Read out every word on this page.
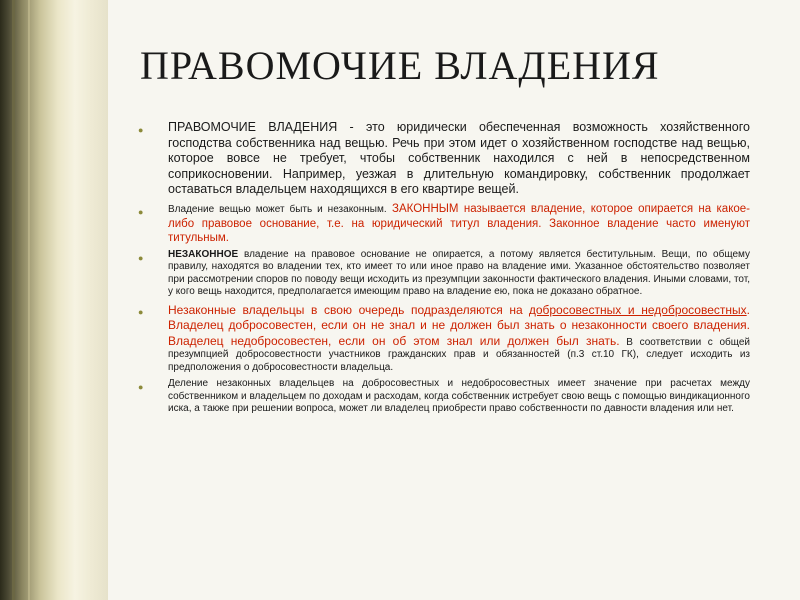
ПРАВОМОЧИЕ ВЛАДЕНИЯ
● ПРАВОМОЧИЕ ВЛАДЕНИЯ - это юридически обеспеченная возможность хозяйственного господства собственника над вещью. Речь при этом идет о хозяйственном господстве над вещью, которое вовсе не требует, чтобы собственник находился с ней в непосредственном соприкосновении. Например, уезжая в длительную командировку, собственник продолжает оставаться владельцем находящихся в его квартире вещей.
● Владение вещью может быть и незаконным. ЗАКОННЫМ называется владение, которое опирается на какое-либо правовое основание, т.е. на юридический титул владения. Законное владение часто именуют титульным.
● НЕЗАКОННОЕ владение на правовое основание не опирается, а потому является беститульным. Вещи, по общему правилу, находятся во владении тех, кто имеет то или иное право на владение ими. Указанное обстоятельство позволяет при рассмотрении споров по поводу вещи исходить из презумпции законности фактического владения. Иными словами, тот, у кого вещь находится, предполагается имеющим право на владение ею, пока не доказано обратное.
● Незаконные владельцы в свою очередь подразделяются на добросовестных и недобросовестных. Владелец добросовестен, если он не знал и не должен был знать о незаконности своего владения. Владелец недобросовестен, если он об этом знал или должен был знать. В соответствии с общей презумпцией добросовестности участников гражданских прав и обязанностей (п.3 ст.10 ГК), следует исходить из предположения о добросовестности владельца.
● Деление незаконных владельцев на добросовестных и недобросовестных имеет значение при расчетах между собственником и владельцем по доходам и расходам, когда собственник истребует свою вещь с помощью виндикационного иска, а также при решении вопроса, может ли владелец приобрести право собственности по давности владения или нет.
